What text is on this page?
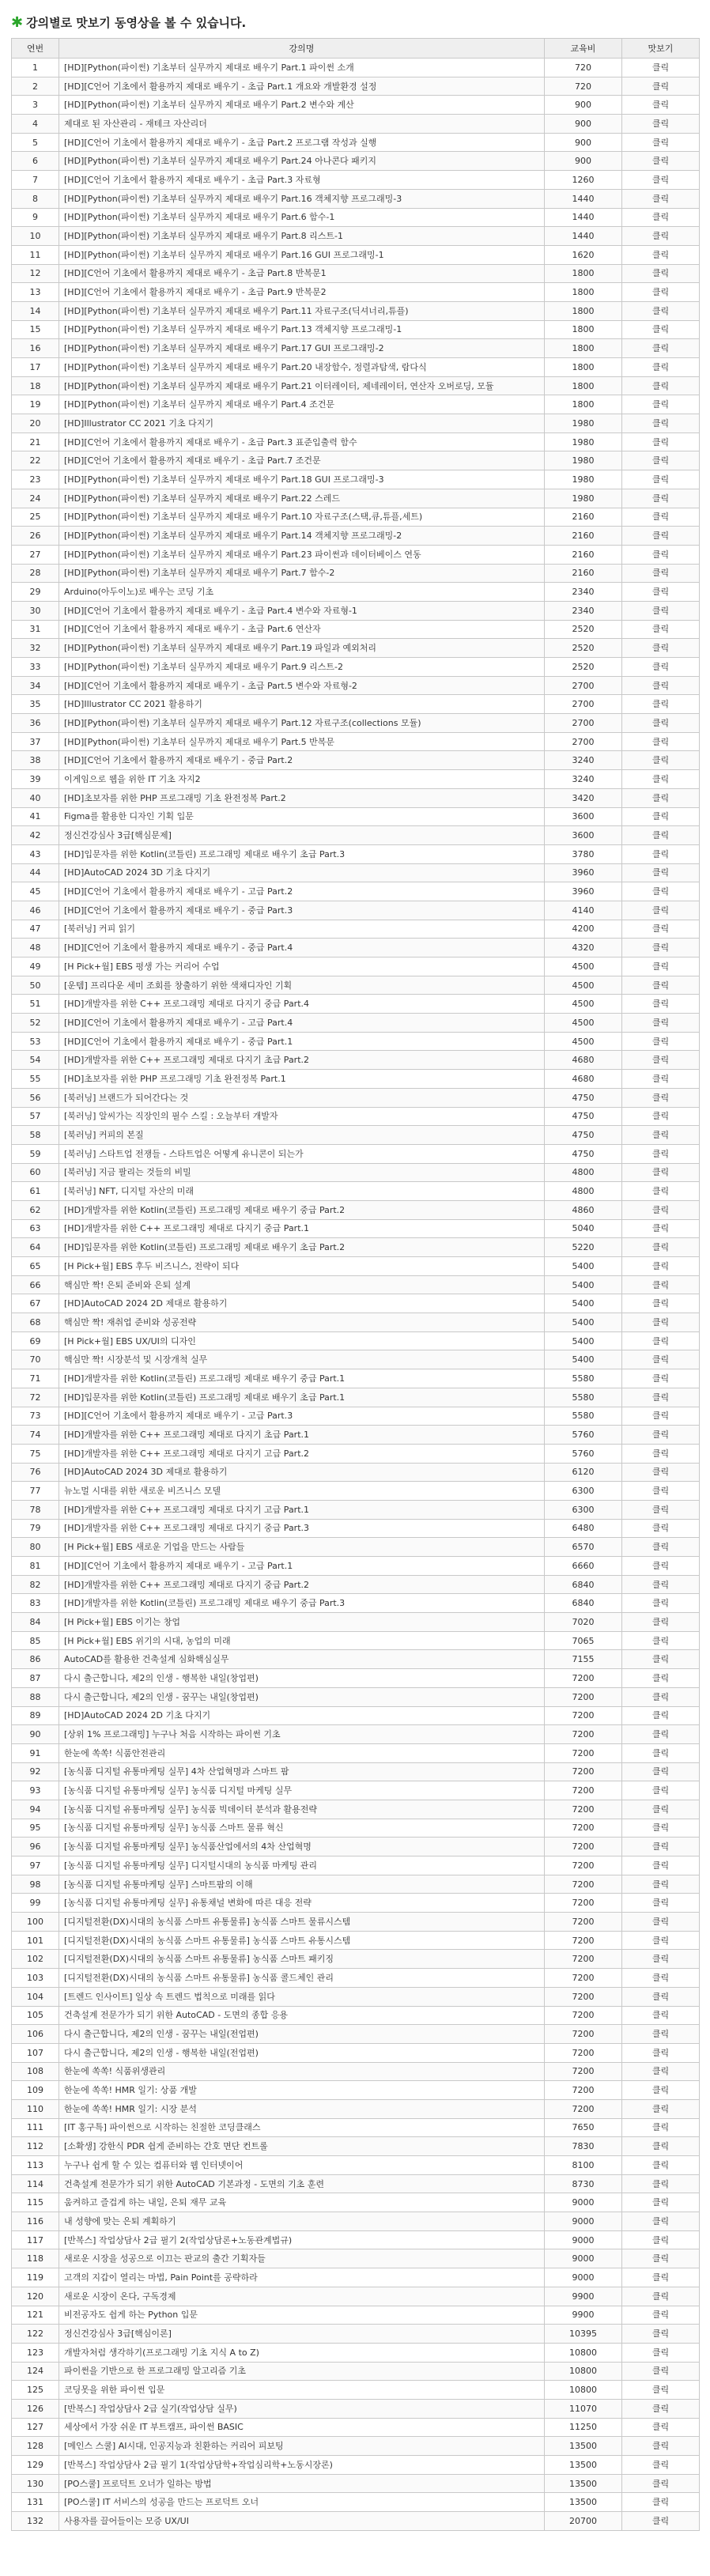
✱ 강의별로 맛보기 동영상을 볼 수 있습니다.
연번	강의명	교육비	맛보기
1	[HD][Python(파이썬) 기초부터 실무까지 제대로 배우기 Part.1 파이썬 소개	720	클릭
2	[HD][C언어 기초에서 활용까지 제대로 배우기 - 초급 Part.1 개요와 개발환경 설정	720	클릭
3	[HD][Python(파이썬) 기초부터 실무까지 제대로 배우기 Part.2 변수와 계산	900	클릭
4	제대로 된 자산관리 - 재테크 자산리더	900	클릭
5	[HD][C언어 기초에서 활용까지 제대로 배우기 - 초급 Part.2 프로그램 작성과 실행	900	클릭
6	[HD][Python(파이썬) 기초부터 실무까지 제대로 배우기 Part.24 아나콘다 패키지	900	클릭
7	[HD][C언어 기초에서 활용까지 제대로 배우기 - 초급 Part.3 자료형	1260	클릭
8	[HD][Python(파이썬) 기초부터 실무까지 제대로 배우기 Part.16 객체지향 프로그래밍-3	1440	클릭
9	[HD][Python(파이썬) 기초부터 실무까지 제대로 배우기 Part.6 함수-1	1440	클릭
10	[HD][Python(파이썬) 기초부터 실무까지 제대로 배우기 Part.8 리스트-1	1440	클릭
11	[HD][Python(파이썬) 기초부터 실무까지 제대로 배우기 Part.16 GUI 프로그래밍-1	1620	클릭
12	[HD][C언어 기초에서 활용까지 제대로 배우기 - 초급 Part.8 반복문1	1800	클릭
13	[HD][C언어 기초에서 활용까지 제대로 배우기 - 초급 Part.9 반복문2	1800	클릭
14	[HD][Python(파이썬) 기초부터 실무까지 제대로 배우기 Part.11 자료구조(딕셔너리,튜플)	1800	클릭
15	[HD][Python(파이썬) 기초부터 실무까지 제대로 배우기 Part.13 객체지향 프로그래밍-1	1800	클릭
16	[HD][Python(파이썬) 기초부터 실무까지 제대로 배우기 Part.17 GUI 프로그래밍-2	1800	클릭
17	[HD][Python(파이썬) 기초부터 실무까지 제대로 배우기 Part.20 내장함수, 정렬과탐색, 람다식	1800	클릭
18	[HD][Python(파이썬) 기초부터 실무까지 제대로 배우기 Part.21 이터레이터, 제네레이터, 연산자 오버로딩, 모듈	1800	클릭
19	[HD][Python(파이썬) 기초부터 실무까지 제대로 배우기 Part.4 조건문	1800	클릭
20	[HD]Illustrator CC 2021 기초 다지기	1980	클릭
21	[HD][C언어 기초에서 활용까지 제대로 배우기 - 초급 Part.3 표준입출력 함수	1980	클릭
22	[HD][C언어 기초에서 활용까지 제대로 배우기 - 초급 Part.7 조건문	1980	클릭
23	[HD][Python(파이썬) 기초부터 실무까지 제대로 배우기 Part.18 GUI 프로그래밍-3	1980	클릭
24	[HD][Python(파이썬) 기초부터 실무까지 제대로 배우기 Part.22 스레드	1980	클릭
25	[HD][Python(파이썬) 기초부터 실무까지 제대로 배우기 Part.10 자료구조(스택,큐,튜플,세트)	2160	클릭
26	[HD][Python(파이썬) 기초부터 실무까지 제대로 배우기 Part.14 객체지향 프로그래밍-2	2160	클릭
27	[HD][Python(파이썬) 기초부터 실무까지 제대로 배우기 Part.23 파이썬과 데이터베이스 연동	2160	클릭
28	[HD][Python(파이썬) 기초부터 실무까지 제대로 배우기 Part.7 함수-2	2160	클릭
29	Arduino(아두이노)로 배우는 코딩 기초	2340	클릭
30	[HD][C언어 기초에서 활용까지 제대로 배우기 - 초급 Part.4 변수와 자료형-1	2340	클릭
31	[HD][C언어 기초에서 활용까지 제대로 배우기 - 초급 Part.6 연산자	2520	클릭
32	[HD][Python(파이썬) 기초부터 실무까지 제대로 배우기 Part.19 파일과 예외처리	2520	클릭
33	[HD][Python(파이썬) 기초부터 실무까지 제대로 배우기 Part.9 리스트-2	2520	클릭
34	[HD][C언어 기초에서 활용까지 제대로 배우기 - 초급 Part.5 변수와 자료형-2	2700	클릭
35	[HD]Illustrator CC 2021 활용하기	2700	클릭
36	[HD][Python(파이썬) 기초부터 실무까지 제대로 배우기 Part.12 자료구조(collections 모듈)	2700	클릭
37	[HD][Python(파이썬) 기초부터 실무까지 제대로 배우기 Part.5 반복문	2700	클릭
38	[HD][C언어 기초에서 활용까지 제대로 배우기 - 중급 Part.2	3240	클릭
39	이게임으로 웹을 위한 IT 기초 자지2	3240	클릭
40	[HD]초보자를 위한 PHP 프로그래밍 기초 완전정복 Part.2	3420	클릭
41	Figma를 활용한 디자인 기획 입문	3600	클릭
42	정신건강심사 3급[핵심문제]	3600	클릭
43	[HD]입문자를 위한 Kotlin(코틀린) 프로그래밍 제대로 배우기 초급 Part.3	3780	클릭
44	[HD]AutoCAD 2024 3D 기초 다지기	3960	클릭
45	[HD][C언어 기초에서 활용까지 제대로 배우기 - 고급 Part.2	3960	클릭
46	[HD][C언어 기초에서 활용까지 제대로 배우기 - 중급 Part.3	4140	클릭
47	[북러닝] 커피 읽기	4200	클릭
48	[HD][C언어 기초에서 활용까지 제대로 배우기 - 중급 Part.4	4320	클릭
49	[H Pick+월] EBS 평생 가는 커리어 수업	4500	클릭
50	[운템] 프리다운 세미 조회를 창출하기 위한 색채디자인 기획	4500	클릭
51	[HD]개발자를 위한 C++ 프로그래밍 제대로 다지기 중급 Part.4	4500	클릭
52	[HD][C언어 기초에서 활용까지 제대로 배우기 - 고급 Part.4	4500	클릭
53	[HD][C언어 기초에서 활용까지 제대로 배우기 - 중급 Part.1	4500	클릭
54	[HD]개발자를 위한 C++ 프로그래밍 제대로 다지기 초급 Part.2	4680	클릭
55	[HD]초보자를 위한 PHP 프로그래밍 기초 완전정복 Part.1	4680	클릭
56	[북러닝] 브랜드가 되어간다는 것	4750	클릭
57	[북러닝] 알씨가는 직장인의 필수 스킬 : 오늘부터 개발자	4750	클릭
58	[북러닝] 커피의 본질	4750	클릭
59	[북러닝] 스타트업 전쟁들 - 스타트업은 어떻게 유니콘이 되는가	4750	클릭
60	[북러닝] 지금 팔리는 것들의 비밀	4800	클릭
61	[북러닝] NFT, 디지털 자산의 미래	4800	클릭
62	[HD]개발자를 위한 Kotlin(코틀린) 프로그래밍 제대로 배우기 중급 Part.2	4860	클릭
63	[HD]개발자를 위한 C++ 프로그래밍 제대로 다지기 중급 Part.1	5040	클릭
64	[HD]입문자를 위한 Kotlin(코틀린) 프로그래밍 제대로 배우기 초급 Part.2	5220	클릭
65	[H Pick+월] EBS 후두 비즈니스, 전략이 되다	5400	클릭
66	핵심만 짝! 은퇴 준비와 은퇴 설계	5400	클릭
67	[HD]AutoCAD 2024 2D 제대로 활용하기	5400	클릭
68	핵심만 짝! 재취업 준비와 성공전략	5400	클릭
69	[H Pick+월] EBS UX/UI의 디자인	5400	클릭
70	핵심만 짝! 시장분석 및 시장개척 실무	5400	클릭
71	[HD]개발자를 위한 Kotlin(코틀린) 프로그래밍 제대로 배우기 중급 Part.1	5580	클릭
72	[HD]입문자를 위한 Kotlin(코틀린) 프로그래밍 제대로 배우기 초급 Part.1	5580	클릭
73	[HD][C언어 기초에서 활용까지 제대로 배우기 - 고급 Part.3	5580	클릭
74	[HD]개발자를 위한 C++ 프로그래밍 제대로 다지기 초급 Part.1	5760	클릭
75	[HD]개발자를 위한 C++ 프로그래밍 제대로 다지기 고급 Part.2	5760	클릭
76	[HD]AutoCAD 2024 3D 제대로 활용하기	6120	클릭
77	뉴노멀 시대를 위한 새로운 비즈니스 모델	6300	클릭
78	[HD]개발자를 위한 C++ 프로그래밍 제대로 다지기 고급 Part.1	6300	클릭
79	[HD]개발자를 위한 C++ 프로그래밍 제대로 다지기 중급 Part.3	6480	클릭
80	[H Pick+월] EBS 새로운 기업을 만드는 사람들	6570	클릭
81	[HD][C언어 기초에서 활용까지 제대로 배우기 - 고급 Part.1	6660	클릭
82	[HD]개발자를 위한 C++ 프로그래밍 제대로 다지기 중급 Part.2	6840	클릭
83	[HD]개발자를 위한 Kotlin(코틀린) 프로그래밍 제대로 배우기 중급 Part.3	6840	클릭
84	[H Pick+월] EBS 이기는 창업	7020	클릭
85	[H Pick+월] EBS 위기의 시대, 농업의 미래	7065	클릭
86	AutoCAD를 활용한 건축설계 심화핵심실무	7155	클릭
87	다시 출근합니다, 제2의 인생 - 행복한 내일(창업편)	7200	클릭
88	다시 출근합니다, 제2의 인생 - 꿈꾸는 내일(창업편)	7200	클릭
89	[HD]AutoCAD 2024 2D 기초 다지기	7200	클릭
90	[상위 1% 프로그래밍] 누구나 처음 시작하는 파이썬 기초	7200	클릭
91	한눈에 쏙쏙! 식품안전관리	7200	클릭
92	[농식품 디지털 유통마케팅 실무] 4차 산업혁명과 스마트 팜	7200	클릭
93	[농식품 디지털 유통마케팅 실무] 농식품 디지털 마케팅 실무	7200	클릭
94	[농식품 디지털 유통마케팅 실무] 농식품 빅데이터 분석과 활용전략	7200	클릭
95	[농식품 디지털 유통마케팅 실무] 농식품 스마트 물류 혁신	7200	클릭
96	[농식품 디지털 유통마케팅 실무] 농식품산업에서의 4차 산업혁명	7200	클릭
97	[농식품 디지털 유통마케팅 실무] 디지털시대의 농식품 마케팅 관리	7200	클릭
98	[농식품 디지털 유통마케팅 실무] 스마트팜의 이해	7200	클릭
99	[농식품 디지털 유통마케팅 실무] 유통채널 변화에 따른 대응 전략	7200	클릭
100	[디지털전환(DX)시대의 농식품 스마트 유통물류] 농식품 스마트 물류시스템	7200	클릭
101	[디지털전환(DX)시대의 농식품 스마트 유통물류] 농식품 스마트 유통시스템	7200	클릭
102	[디지털전환(DX)시대의 농식품 스마트 유통물류] 농식품 스마트 패키징	7200	클릭
103	[디지털전환(DX)시대의 농식품 스마트 유통물류] 농식품 콜드체인 관리	7200	클릭
104	[트렌드 인사이트] 일상 속 트렌드 법칙으로 미래를 읽다	7200	클릭
105	건축설계 전문가가 되기 위한 AutoCAD - 도면의 종합 응용	7200	클릭
106	다시 출근합니다, 제2의 인생 - 꿈꾸는 내일(전업편)	7200	클릭
107	다시 출근합니다, 제2의 인생 - 행복한 내일(전업편)	7200	클릭
108	한눈에 쏙쏙! 식품위생관리	7200	클릭
109	한눈에 쏙쏙! HMR 일기: 상품 개발	7200	클릭
110	한눈에 쏙쏙! HMR 일기: 시장 분석	7200	클릭
111	[IT 홍구특] 파이썬으로 시작하는 친절한 코딩클래스	7650	클릭
112	[소확생] 강한식 PDR 쉽게 준비하는 간호 면단 컨트롤	7830	클릭
113	누구나 쉽게 할 수 있는 컴퓨터와 웹 인터넷이어	8100	클릭
114	건축설계 전문가가 되기 위한 AutoCAD 기본과정 - 도면의 기초 훈련	8730	클릭
115	움켜하고 즐겁게 하는 내일, 은퇴 재무 교육	9000	클릭
116	내 성향에 맞는 은퇴 계획하기	9000	클릭
117	[반복스] 작업상담사 2급 필기 2(작업상담론+노동관계법규)	9000	클릭
118	새로운 시장을 성공으로 이끄는 판교의 출간 기획자들	9000	클릭
119	고객의 지갑이 열리는 마법, Pain Point를 공략하라	9000	클릭
120	새로운 시장이 온다, 구독경제	9900	클릭
121	비전공자도 쉽게 하는 Python 입문	9900	클릭
122	정신건강심사 3급[핵심이론]	10395	클릭
123	개발자처럼 생각하기(프로그래밍 기초 지식 A to Z)	10800	클릭
124	파이썬을 기반으로 한 프로그래밍 알고리즘 기초	10800	클릭
125	코딩못을 위한 파이썬 입문	10800	클릭
126	[반복스] 작업상담사 2급 실기(작업상담 실무)	11070	클릭
127	세상에서 가장 쉬운 IT 부트캠프, 파이썬 BASIC	11250	클릭
128	[메인스 스쿨] AI시대, 인공지능과 친환하는 커리어 피보팅	13500	클릭
129	[반복스] 작업상담사 2급 필기 1(작업상담학+작업심리학+노동시장론)	13500	클릭
130	[PO스쿨] 프로덕트 오너가 일하는 방법	13500	클릭
131	[PO스쿨] IT 서비스의 성공을 만드는 프로덕트 오너	13500	클릭
132	사용자를 끌어들이는 모증 UX/UI	20700	클릭
